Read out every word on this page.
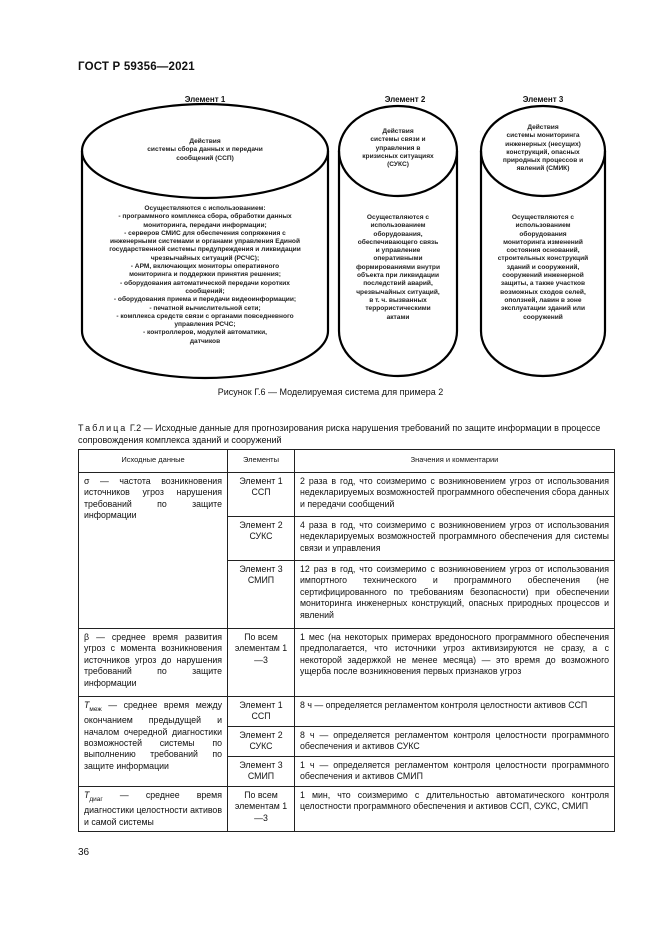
ГОСТ Р 59356—2021
Элемент 1	Элемент 2	Элемент 3
Действия
системы сбора данных и передачи
сообщений (ССП)
Осуществляются с использованием:
- программного комплекса сбора, обработки данных
мониторинга, передачи информации;
- серверов СМИС для обеспечения сопряжения с
инженерными системами и органами управления Единой
государственной системы предупреждения и ликвидации
чрезвычайных ситуаций (РСЧС);
- АРМ, включающих мониторы оперативного
мониторинга и поддержки принятия решения;
- оборудования автоматической передачи коротких
сообщений;
- оборудования приема и передачи видеоинформации;
- печатной вычислительной сети;
- комплекса средств связи с органами повседневного
управления РСЧС;
- контроллеров, модулей автоматики,
датчиков
Действия
системы связи и
управления в
кризисных ситуациях
(СУКС)
Осуществляются с
использованием
оборудования,
обеспечивающего связь
и управление
оперативными
формированиями внутри
объекта при ликвидации
последствий аварий,
чрезвычайных ситуаций,
в т. ч. вызванных
террористическими
актами
Действия
системы мониторинга
инженерных (несущих)
конструкций, опасных
природных процессов и
явлений (СМИК)
Осуществляются с
использованием
оборудования
мониторинга изменений
состояния оснований,
строительных конструкций
зданий и сооружений,
сооружений инженерной
защиты, а также участков
возможных сходов селей,
оползней, лавин в зоне
эксплуатации зданий или
сооружений
Рисунок Г.6 — Моделируемая система для примера 2
Таблица Г.2 — Исходные данные для прогнозирования риска нарушения требований по защите информации в процессе сопровождения комплекса зданий и сооружений
Исходные данные	Элементы	Значения и комментарии
σ — частота возникновения источников угроз нарушения требований по защите информации	Элемент 1 ССП	2 раза в год, что соизмеримо с возникновением угроз от использования недекларируемых возможностей программного обеспечения сбора данных и передачи сообщений
	Элемент 2 СУКС	4 раза в год, что соизмеримо с возникновением угроз от использования недекларируемых возможностей программного обеспечения для системы связи и управления
	Элемент 3 СМИП	12 раз в год, что соизмеримо с возникновением угроз от использования импортного технического и программного обеспечения (не сертифицированного по требованиям безопасности) при обеспечении мониторинга инженерных конструкций, опасных природных процессов и явлений
β — среднее время развития угроз с момента возникновения источников угроз до нарушения требований по защите информации	По всем элементам 1—3	1 мес (на некоторых примерах вредоносного программного обеспечения предполагается, что источники угроз активизируются не сразу, а с некоторой задержкой не менее месяца) — это время до возможного ущерба после возникновения первых признаков угроз
$T_{меж}$ — среднее время между окончанием предыдущей и началом очередной диагностики возможностей системы по выполнению требований по защите информации	Элемент 1 ССП	8 ч — определяется регламентом контроля целостности активов ССП
	Элемент 2 СУКС	8 ч — определяется регламентом контроля целостности программного обеспечения и активов СУКС
	Элемент 3 СМИП	1 ч — определяется регламентом контроля целостности программного обеспечения и активов СМИП
$T_{диаг}$ — среднее время диагностики целостности активов и самой системы	По всем элементам 1—3	1 мин, что соизмеримо с длительностью автоматического контроля целостности программного обеспечения и активов ССП, СУКС, СМИП
36
